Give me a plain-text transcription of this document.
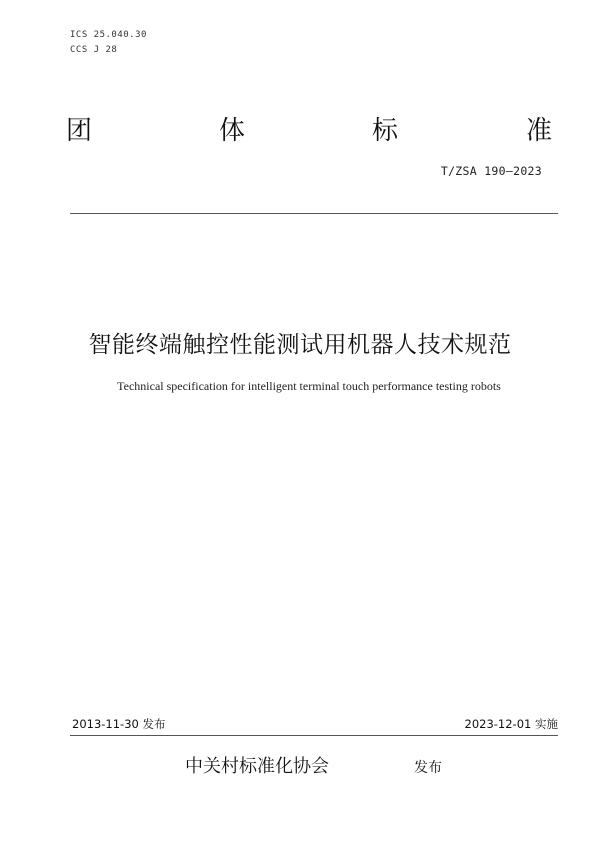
ICS 25.040.30
CCS J 28
团	体	标	准
T/ZSA 190—2023
智能终端触控性能测试用机器人技术规范
Technical specification for intelligent terminal touch performance testing robots
2013-11-30 发布	2023-12-01 实施
中关村标准化协会	发布
